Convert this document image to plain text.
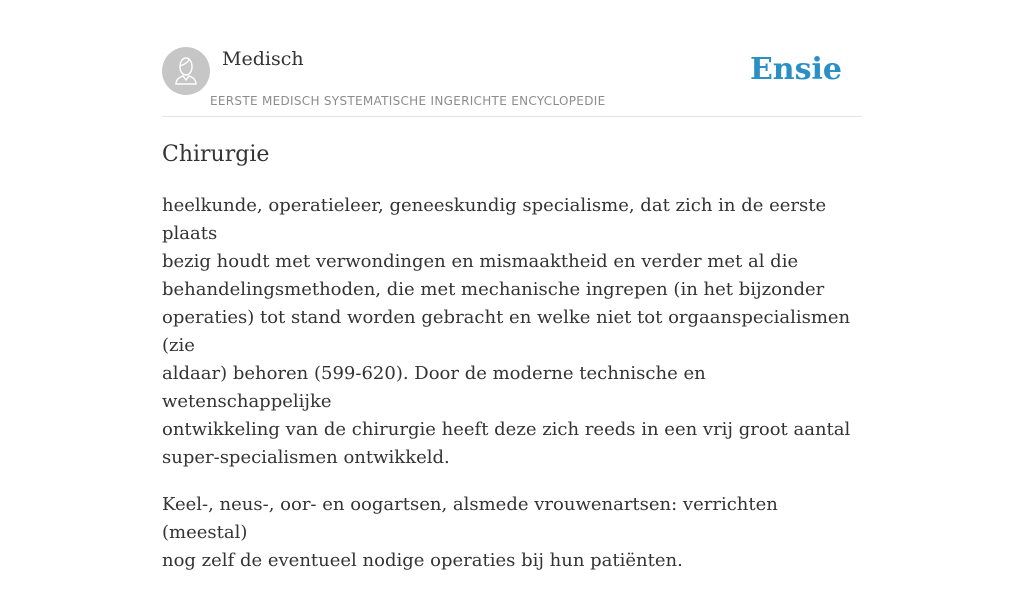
Medisch
EERSTE MEDISCH SYSTEMATISCHE INGERICHTE ENCYCLOPEDIE
Ensie
Chirurgie

heelkunde, operatieleer, geneeskundig specialisme, dat zich in de eerste plaats
bezig houdt met verwondingen en mismaaktheid en verder met al die
behandelingsmethoden, die met mechanische ingrepen (in het bijzonder
operaties) tot stand worden gebracht en welke niet tot orgaanspecialismen (zie
aldaar) behoren (599-620). Door de moderne technische en wetenschappelijke
ontwikkeling van de chirurgie heeft deze zich reeds in een vrij groot aantal
super-specialismen ontwikkeld.

Keel-, neus-, oor- en oogartsen, alsmede vrouwenartsen: verrichten (meestal)
nog zelf de eventueel nodige operaties bij hun patiënten.
